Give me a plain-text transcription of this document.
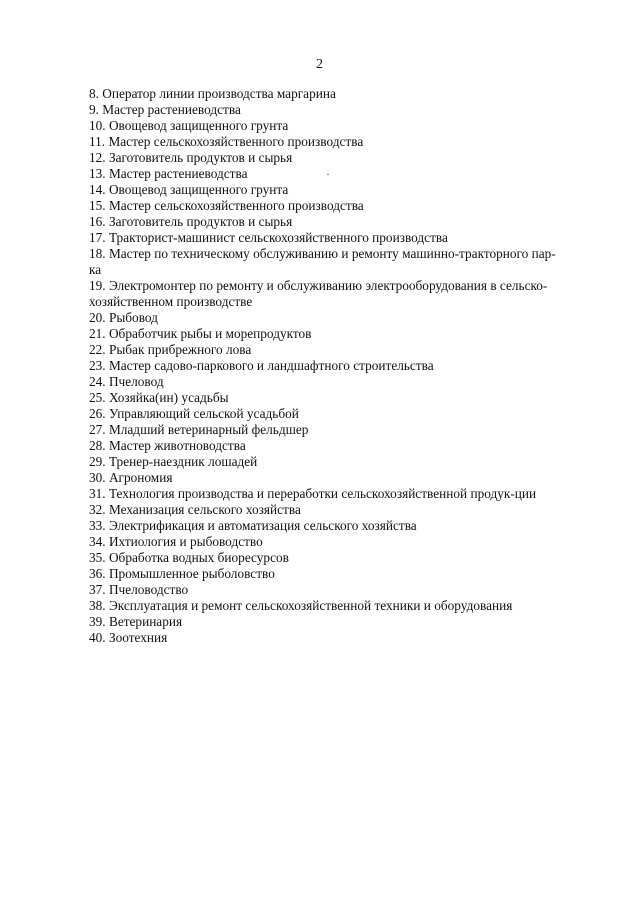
2
8. Оператор линии производства маргарина
9. Мастер растениеводства
10. Овощевод защищенного грунта
11. Мастер сельскохозяйственного производства
12. Заготовитель продуктов и сырья
13. Мастер растениеводства
14. Овощевод защищенного грунта
15. Мастер сельскохозяйственного производства
16. Заготовитель продуктов и сырья
17. Тракторист-машинист сельскохозяйственного производства
18. Мастер по техническому обслуживанию и ремонту машинно-тракторного пар-
ка
19. Электромонтер по ремонту и обслуживанию электрооборудования в сельско-
хозяйственном производстве
20. Рыбовод
21. Обработчик рыбы и морепродуктов
22. Рыбак прибрежного лова
23. Мастер садово-паркового и ландшафтного строительства
24. Пчеловод
25. Хозяйка(ин) усадьбы
26. Управляющий сельской усадьбой
27. Младший ветеринарный фельдшер
28. Мастер животноводства
29. Тренер-наездник лошадей
30. Агрономия
31. Технология производства и переработки сельскохозяйственной продук-ции
32. Механизация сельского хозяйства
33. Электрификация и автоматизация сельского хозяйства
34. Ихтиология и рыбоводство
35. Обработка водных биоресурсов
36. Промышленное рыболовство
37. Пчеловодство
38. Эксплуатация и ремонт сельскохозяйственной техники и оборудования
39. Ветеринария
40. Зоотехния
